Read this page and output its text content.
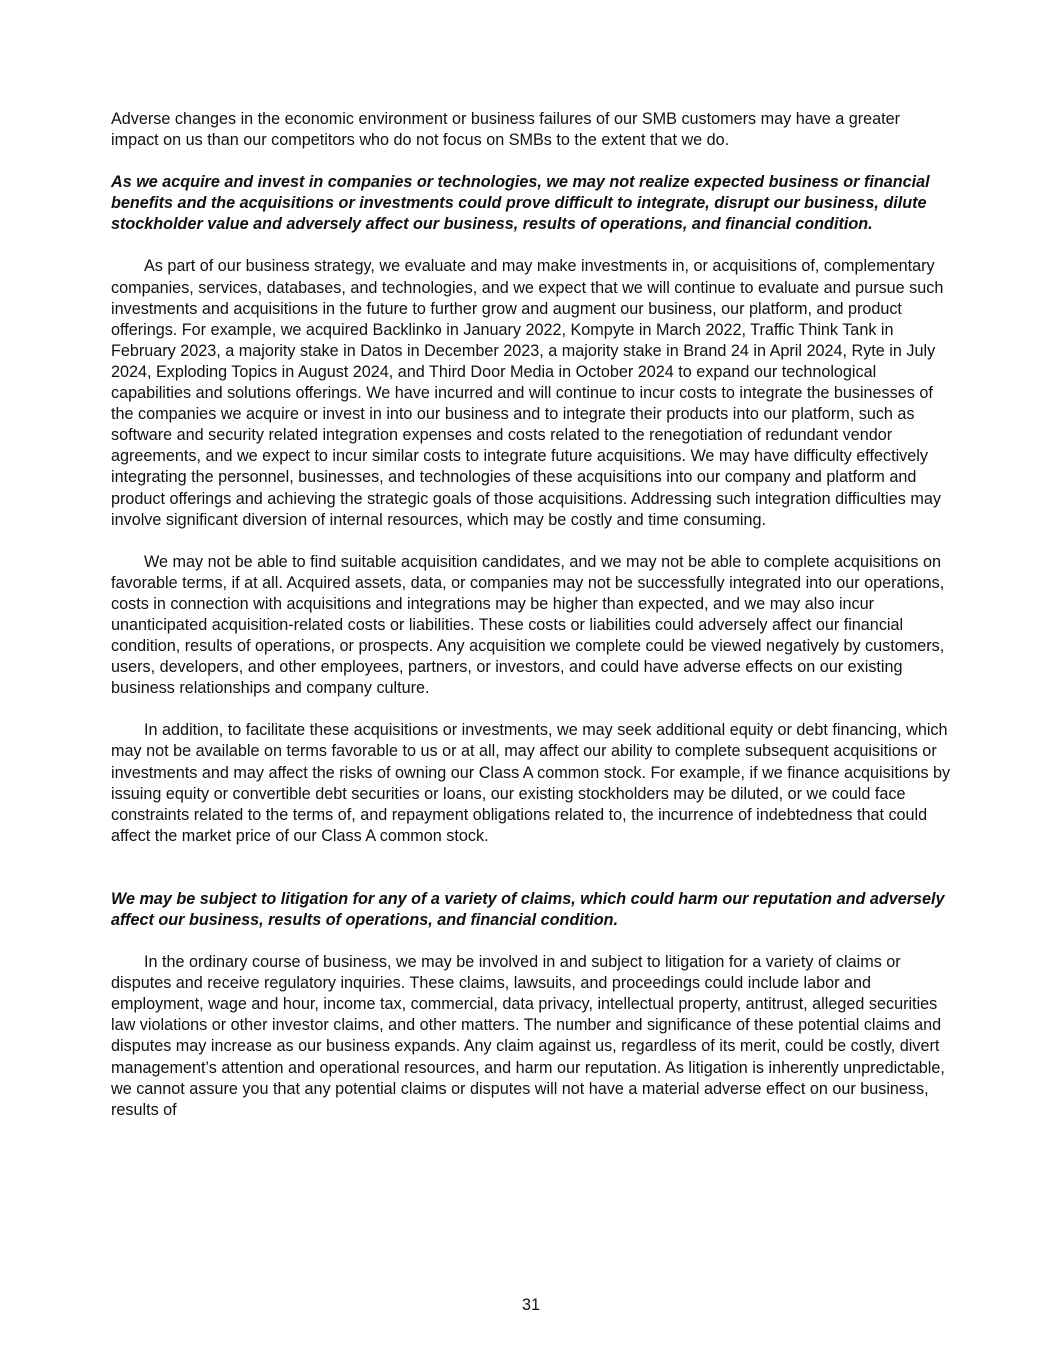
Adverse changes in the economic environment or business failures of our SMB customers may have a greater impact on us than our competitors who do not focus on SMBs to the extent that we do.

As we acquire and invest in companies or technologies, we may not realize expected business or financial benefits and the acquisitions or investments could prove difficult to integrate, disrupt our business, dilute stockholder value and adversely affect our business, results of operations, and financial condition.

As part of our business strategy, we evaluate and may make investments in, or acquisitions of, complementary companies, services, databases, and technologies, and we expect that we will continue to evaluate and pursue such investments and acquisitions in the future to further grow and augment our business, our platform, and product offerings. For example, we acquired Backlinko in January 2022, Kompyte in March 2022, Traffic Think Tank in February 2023, a majority stake in Datos in December 2023, a majority stake in Brand 24 in April 2024, Ryte in July 2024, Exploding Topics in August 2024, and Third Door Media in October 2024 to expand our technological capabilities and solutions offerings. We have incurred and will continue to incur costs to integrate the businesses of the companies we acquire or invest in into our business and to integrate their products into our platform, such as software and security related integration expenses and costs related to the renegotiation of redundant vendor agreements, and we expect to incur similar costs to integrate future acquisitions. We may have difficulty effectively integrating the personnel, businesses, and technologies of these acquisitions into our company and platform and product offerings and achieving the strategic goals of those acquisitions. Addressing such integration difficulties may involve significant diversion of internal resources, which may be costly and time consuming.

We may not be able to find suitable acquisition candidates, and we may not be able to complete acquisitions on favorable terms, if at all. Acquired assets, data, or companies may not be successfully integrated into our operations, costs in connection with acquisitions and integrations may be higher than expected, and we may also incur unanticipated acquisition-related costs or liabilities. These costs or liabilities could adversely affect our financial condition, results of operations, or prospects. Any acquisition we complete could be viewed negatively by customers, users, developers, and other employees, partners, or investors, and could have adverse effects on our existing business relationships and company culture.

In addition, to facilitate these acquisitions or investments, we may seek additional equity or debt financing, which may not be available on terms favorable to us or at all, may affect our ability to complete subsequent acquisitions or investments and may affect the risks of owning our Class A common stock. For example, if we finance acquisitions by issuing equity or convertible debt securities or loans, our existing stockholders may be diluted, or we could face constraints related to the terms of, and repayment obligations related to, the incurrence of indebtedness that could affect the market price of our Class A common stock.

We may be subject to litigation for any of a variety of claims, which could harm our reputation and adversely affect our business, results of operations, and financial condition.

In the ordinary course of business, we may be involved in and subject to litigation for a variety of claims or disputes and receive regulatory inquiries. These claims, lawsuits, and proceedings could include labor and employment, wage and hour, income tax, commercial, data privacy, intellectual property, antitrust, alleged securities law violations or other investor claims, and other matters. The number and significance of these potential claims and disputes may increase as our business expands. Any claim against us, regardless of its merit, could be costly, divert management’s attention and operational resources, and harm our reputation. As litigation is inherently unpredictable, we cannot assure you that any potential claims or disputes will not have a material adverse effect on our business, results of

31
